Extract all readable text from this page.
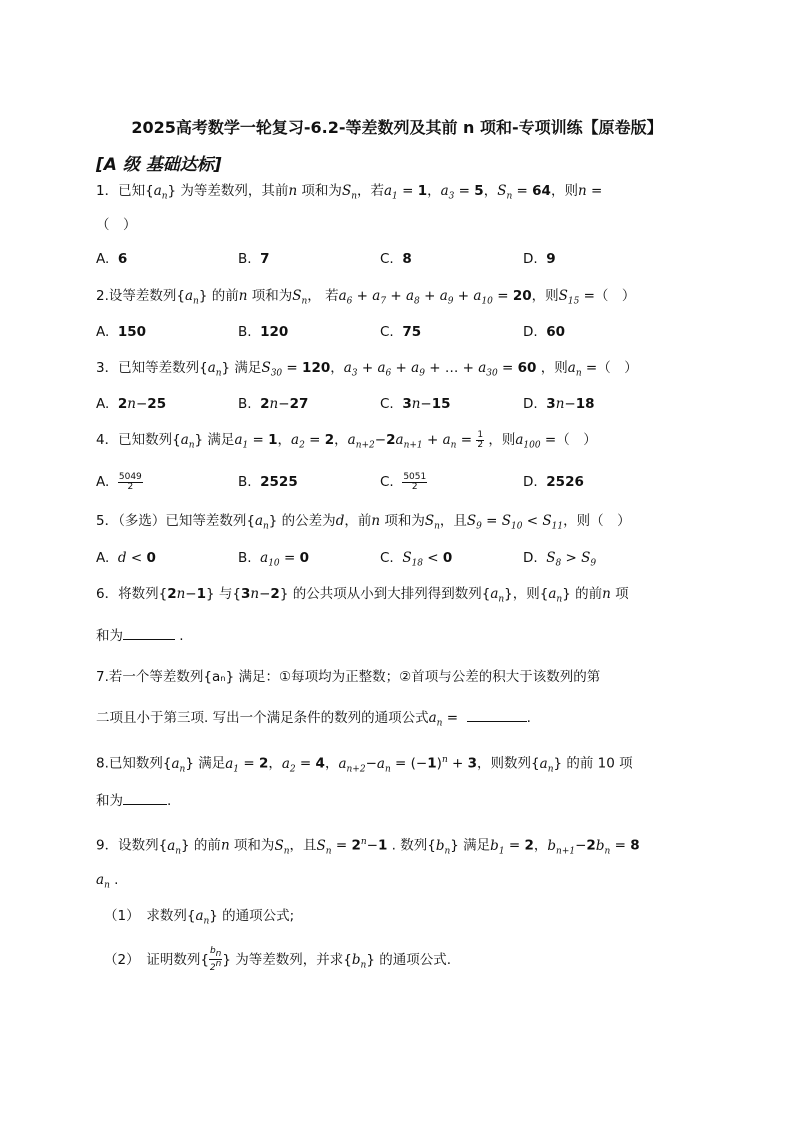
2025高考数学一轮复习-6.2-等差数列及其前 n 项和-专项训练【原卷版】
[A 级 基础达标]
1．已知$\{a_n\}$ 为等差数列，其前n 项和为$S_n$，若$a_1 = 1$，$a_3 = 5$，$S_n = 64$，则n =
（　）
A.  6	B.  7	C.  8	D.  9
2.设等差数列$\{a_n\}$ 的前n 项和为$S_n$， 若$a_6 + a_7 + a_8 + a_9 + a_{10} = 20$，则$S_{15}$ =（　）
A.  150	B.  120	C.  75	D.  60
3．已知等差数列$\{a_n\}$ 满足$S_{30} = 120$，$a_3 + a_6 + a_9$ + … + $a_{30} = 60$ ，则$a_n$ =（　）
A.  2n−25	B.  2n−27	C.  3n−15	D.  3n−18
4．已知数列$\{a_n\}$ 满足$a_1 = 1$，$a_2 = 2$，$a_{n+2}-2a_{n+1} + a_n = \frac{1}{2}$ ，则$a_{100}$ =（　）
A. $\frac{5049}{2}$	B.  2525	C. $\frac{5051}{2}$	D.  2526
5．（多选）已知等差数列$\{a_n\}$ 的公差为d，前n 项和为$S_n$，且$S_9 = S_{10} < S_{11}$，则（　）
A.  d < 0	B.  $a_{10} = 0$	C.  $S_{18} < 0$	D.  $S_8 > S_9$
6．将数列{2n−1} 与{3n−2} 的公共项从小到大排列得到数列$\{a_n\}$，则$\{a_n\}$ 的前n 项
和为	.
7.若一个等差数列{aₙ} 满足：①每项均为正整数；②首项与公差的积大于该数列的第
二项且小于第三项. 写出一个满足条件的数列的通项公式$a_n$ =	.
8.已知数列$\{a_n\}$ 满足$a_1 = 2$，$a_2 = 4$，$a_{n+2}-a_n = (-1)^n + 3$，则数列$\{a_n\}$ 的前 10 项
和为	.
9．设数列$\{a_n\}$ 的前n 项和为$S_n$，且$S_n = 2^n-1$ . 数列$\{b_n\}$ 满足$b_1 = 2$，$b_{n+1}-2b_n = 8$
$a_n$ .
（1）　求数列$\{a_n\}$ 的通项公式;
（2）　证明数列{ $\frac{b_n}{2^n}$ } 为等差数列，并求$\{b_n\}$ 的通项公式.
